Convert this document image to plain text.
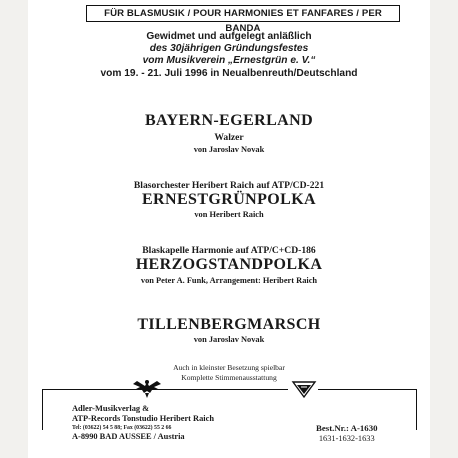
FÜR BLASMUSIK / POUR HARMONIES ET FANFARES / PER BANDA
Gewidmet und aufgelegt anläßlich
des 30jährigen Gründungsfestes
vom Musikverein „Ernestgrün e. V.“
vom 19. - 21. Juli 1996 in Neualbenreuth/Deutschland
BAYERN-EGERLAND
Walzer
von Jaroslav Novak
Blasorchester Heribert Raich auf ATP/CD-221
ERNESTGRÜNPOLKA
von Heribert Raich
Blaskapelle Harmonie auf ATP/C+CD-186
HERZOGSTANDPOLKA
von Peter A. Funk, Arrangement: Heribert Raich
TILLENBERGMARSCH
von Jaroslav Novak
Auch in kleinster Besetzung spielbar
Komplette Stimmenausstattung
Adler-Musikverlag &
ATP-Records Tonstudio Heribert Raich
Tel: (03622) 54 5 88; Fax (03622) 55 2 66
A-8990 BAD AUSSEE / Austria
Best.Nr.: A-1630
1631-1632-1633
